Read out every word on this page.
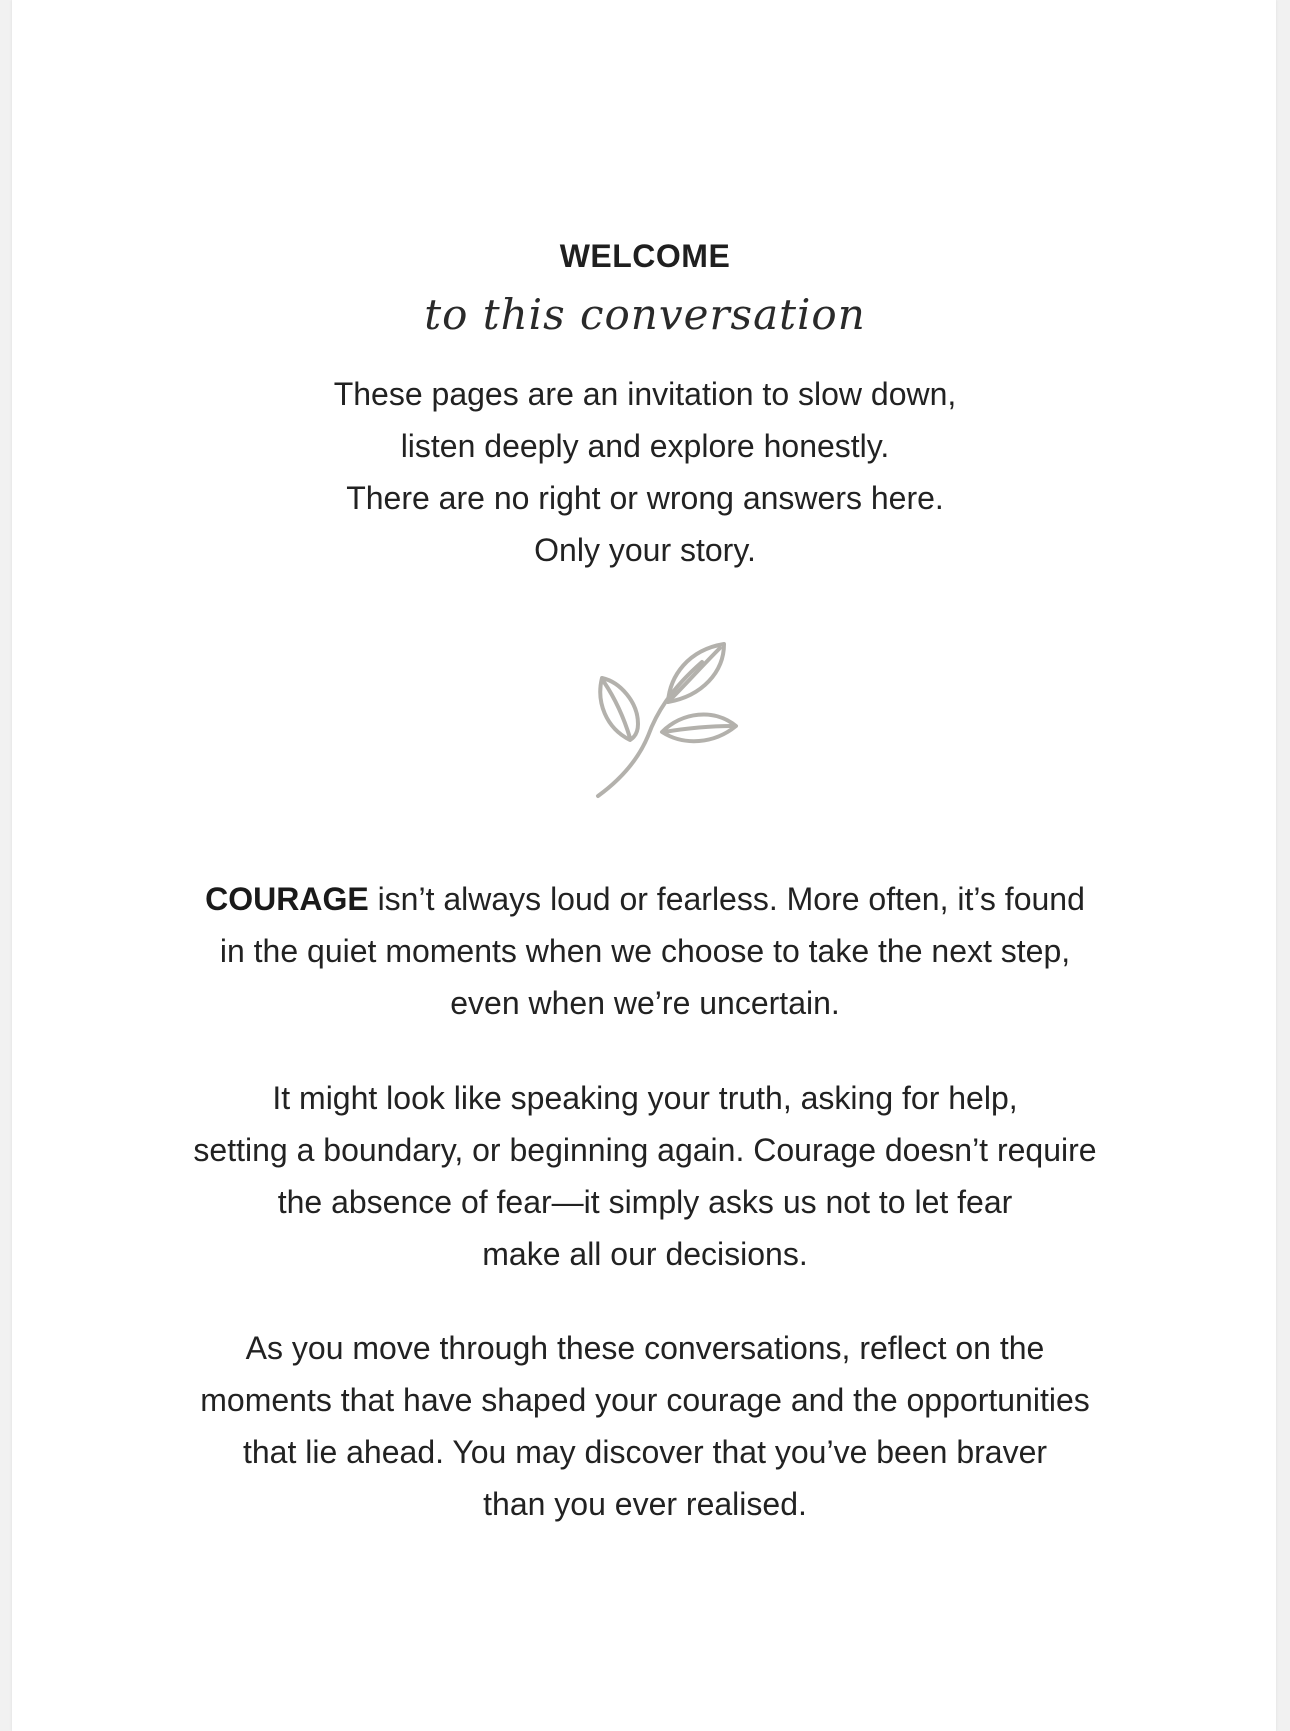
WELCOME
to this conversation
These pages are an invitation to slow down,
listen deeply and explore honestly.
There are no right or wrong answers here.
Only your story.
COURAGE isn’t always loud or fearless. More often, it’s found
in the quiet moments when we choose to take the next step,
even when we’re uncertain.
It might look like speaking your truth, asking for help,
setting a boundary, or beginning again. Courage doesn’t require
the absence of fear—it simply asks us not to let fear
make all our decisions.
As you move through these conversations, reflect on the
moments that have shaped your courage and the opportunities
that lie ahead. You may discover that you’ve been braver
than you ever realised.
